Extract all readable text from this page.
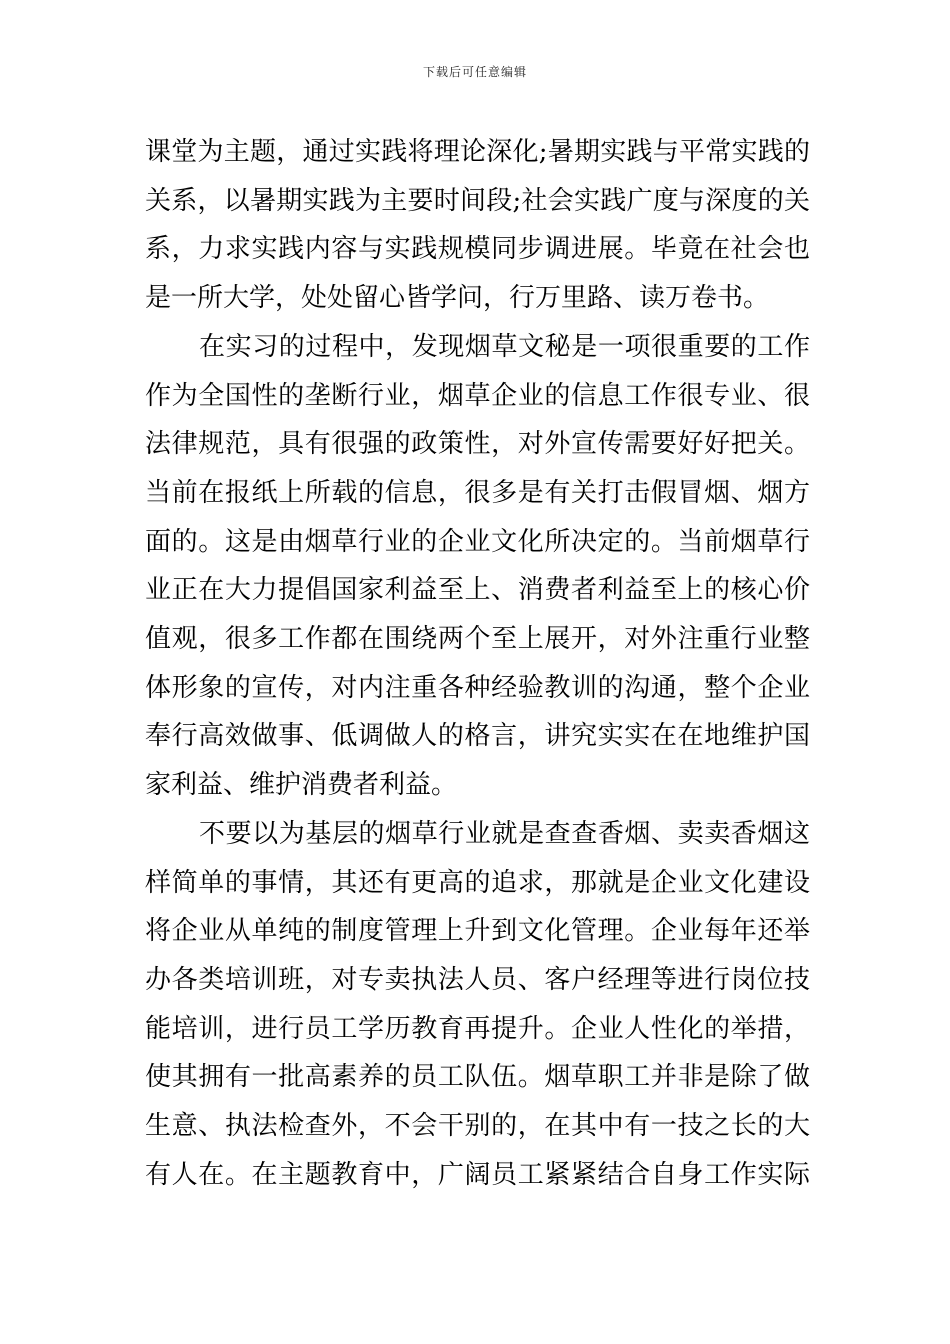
下载后可任意编辑
课堂为主题，通过实践将理论深化;暑期实践与平常实践的
关系，以暑期实践为主要时间段;社会实践广度与深度的关
系，力求实践内容与实践规模同步调进展。毕竟在社会也
是一所大学，处处留心皆学问，行万里路、读万卷书。
在实习的过程中，发现烟草文秘是一项很重要的工作
作为全国性的垄断行业，烟草企业的信息工作很专业、很
法律规范，具有很强的政策性，对外宣传需要好好把关。
当前在报纸上所载的信息，很多是有关打击假冒烟、烟方
面的。这是由烟草行业的企业文化所决定的。当前烟草行
业正在大力提倡国家利益至上、消费者利益至上的核心价
值观，很多工作都在围绕两个至上展开，对外注重行业整
体形象的宣传，对内注重各种经验教训的沟通，整个企业
奉行高效做事、低调做人的格言，讲究实实在在地维护国
家利益、维护消费者利益。
不要以为基层的烟草行业就是查查香烟、卖卖香烟这
样简单的事情，其还有更高的追求，那就是企业文化建设
将企业从单纯的制度管理上升到文化管理。企业每年还举
办各类培训班，对专卖执法人员、客户经理等进行岗位技
能培训，进行员工学历教育再提升。企业人性化的举措，
使其拥有一批高素养的员工队伍。烟草职工并非是除了做
生意、执法检查外，不会干别的，在其中有一技之长的大
有人在。在主题教育中，广阔员工紧紧结合自身工作实际
